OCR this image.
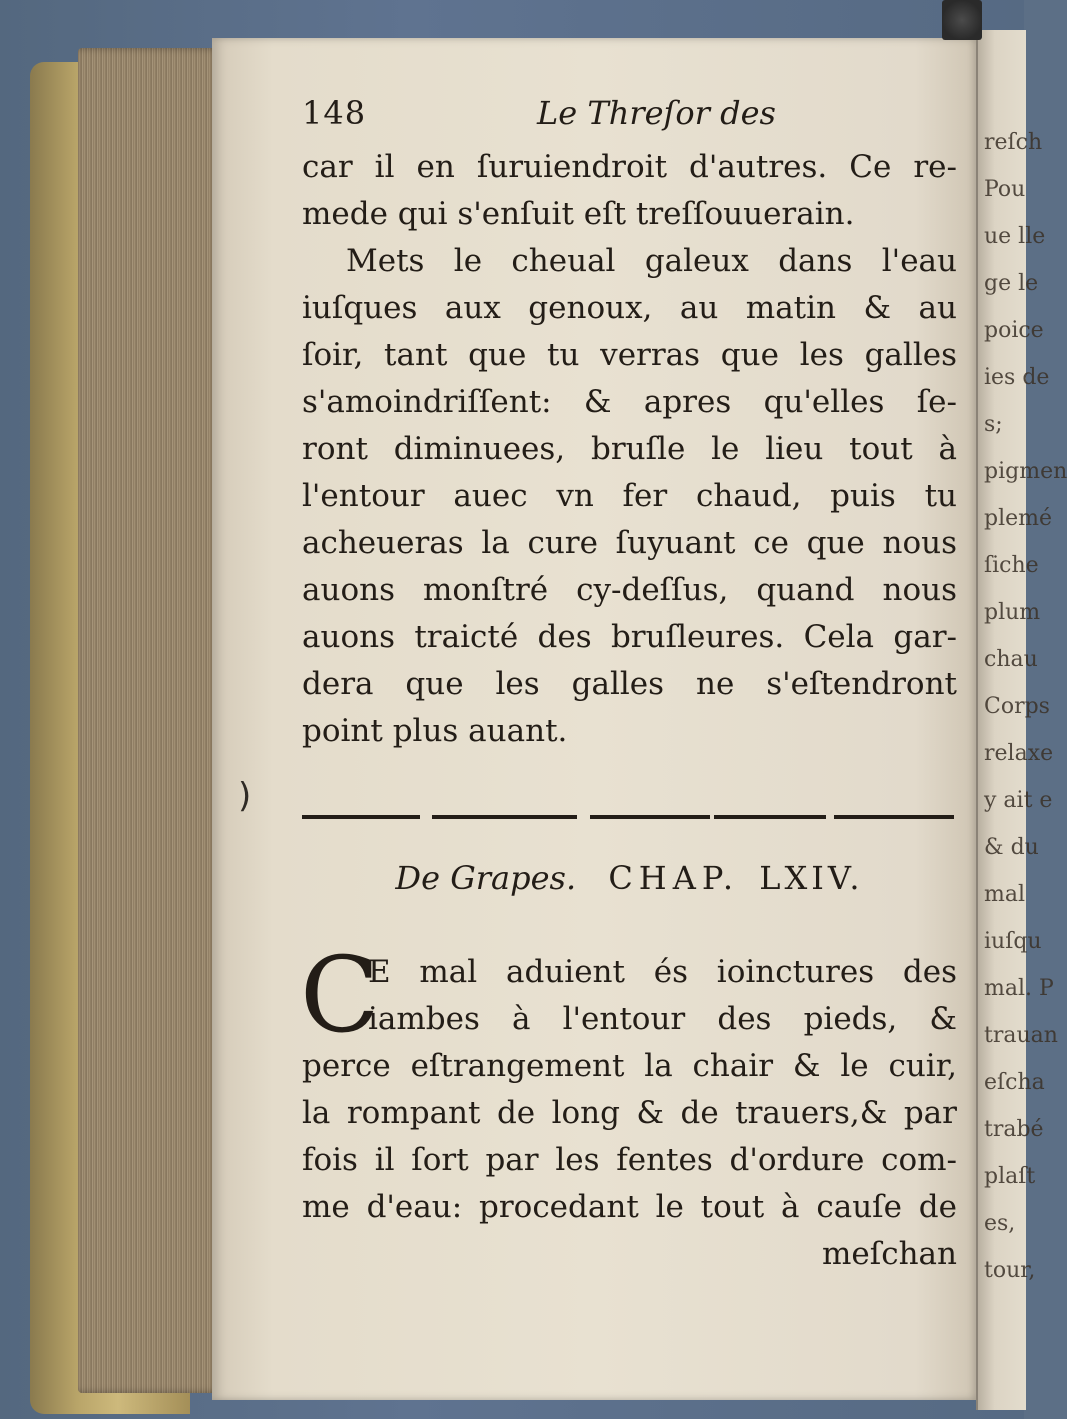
)
148	Le Threſor des
car il en ſuruiendroit d'autres. Ce re-
mede qui s'enſuit eſt treſſouuerain.
Mets le cheual galeux dans l'eau
iuſques aux genoux, au matin & au
ſoir, tant que tu verras que les galles
s'amoindriſſent: & apres qu'elles ſe-
ront diminuees, bruſle le lieu tout à
l'entour auec vn fer chaud, puis tu
acheueras la cure ſuyuant ce que nous
auons monſtré cy-deſſus, quand nous
auons traicté des bruſleures. Cela gar-
dera que les galles ne s'eſtendront
point plus auant.
De Grapes. CHAP. LXIV.
C
E mal aduient és ioinctures des
iambes à l'entour des pieds, &
perce eſtrangement la chair & le cuir,
la rompant de long & de trauers,& par
fois il ſort par les fentes d'ordure com-
me d'eau: procedant le tout à cauſe de
meſchan
reſch
Pou
ue lle
ge le
poice
ies de
s;
pigmen
plemé
ſiche
plum
chau
Corps
relaxe
y ait e
& du
mal
iuſqu
mal. P
trauan
eſcha
trabé
plaſt
es,
tour,
